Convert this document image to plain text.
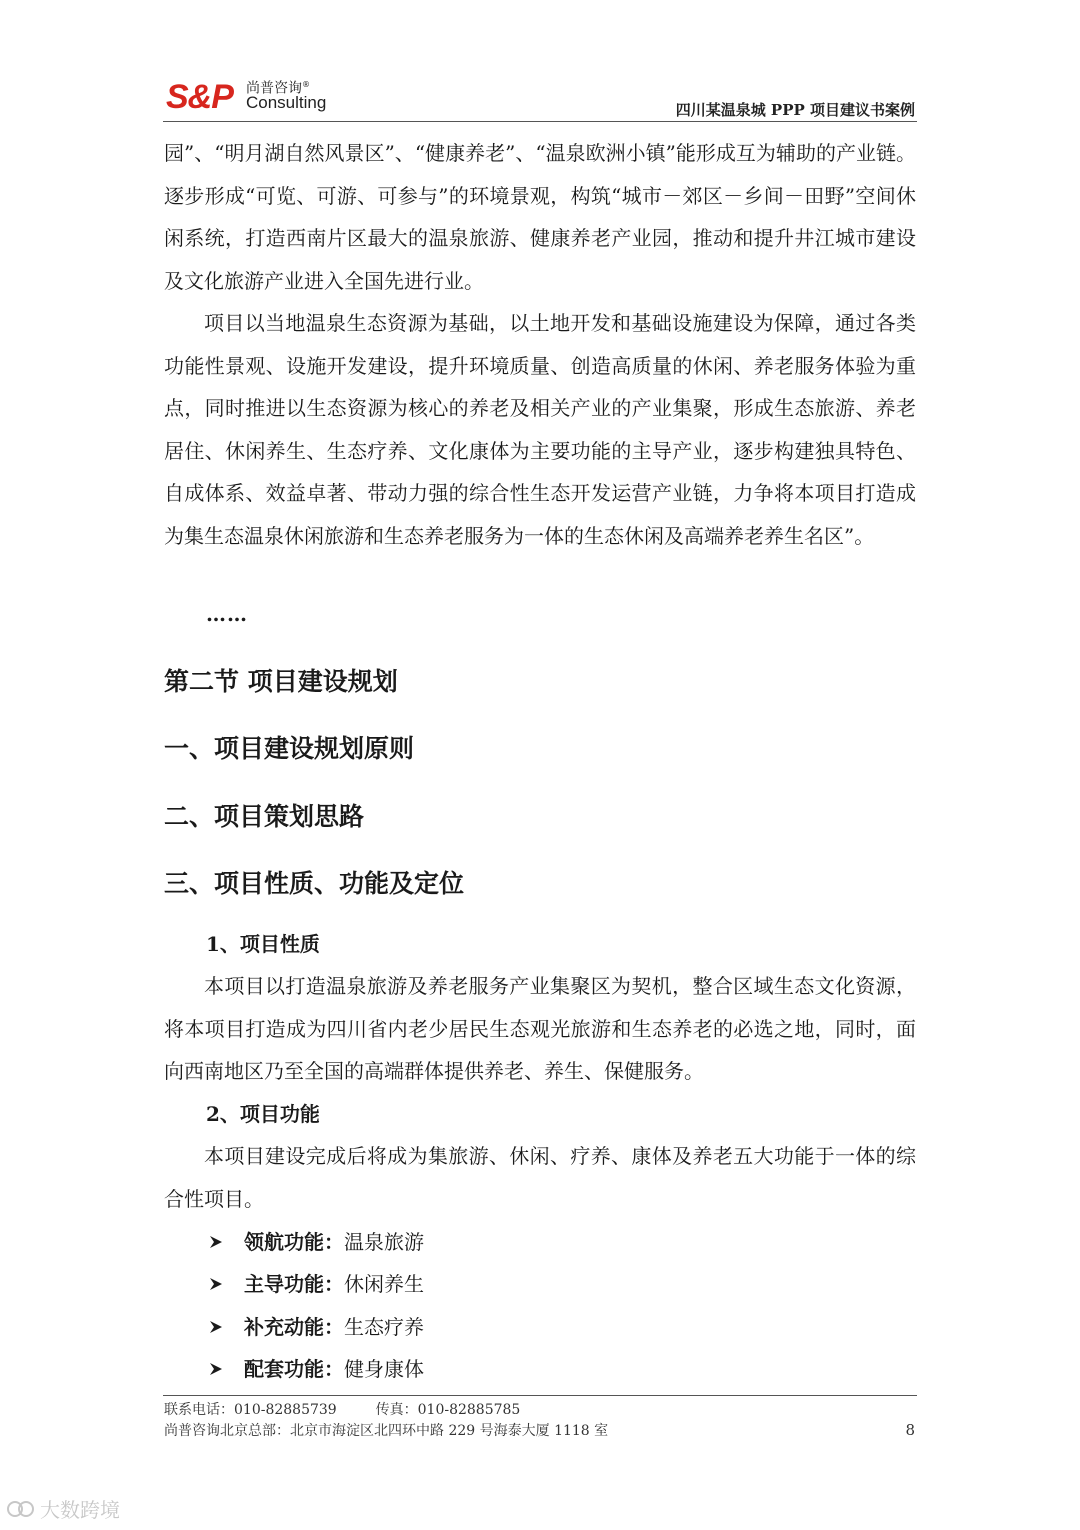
S&P 尚普咨询®
Consulting	四川某温泉城 PPP 项目建议书案例

园”、“明月湖自然风景区”、“健康养老”、“温泉欧洲小镇”能形成互为辅助的产业链。逐步形成“可览、可游、可参与”的环境景观，构筑“城市－郊区－乡间－田野”空间休闲系统，打造西南片区最大的温泉旅游、健康养老产业园，推动和提升井江城市建设及文化旅游产业进入全国先进行业。

项目以当地温泉生态资源为基础，以土地开发和基础设施建设为保障，通过各类功能性景观、设施开发建设，提升环境质量、创造高质量的休闲、养老服务体验为重点，同时推进以生态资源为核心的养老及相关产业的产业集聚，形成生态旅游、养老居住、休闲养生、生态疗养、文化康体为主要功能的主导产业，逐步构建独具特色、自成体系、效益卓著、带动力强的综合性生态开发运营产业链，力争将本项目打造成为集生态温泉休闲旅游和生态养老服务为一体的生态休闲及高端养老养生名区”。

……
第二节 项目建设规划
一、项目建设规划原则
二、项目策划思路
三、项目性质、功能及定位
1、项目性质

本项目以打造温泉旅游及养老服务产业集聚区为契机，整合区域生态文化资源，将本项目打造成为四川省内老少居民生态观光旅游和生态养老的必选之地，同时，面向西南地区乃至全国的高端群体提供养老、养生、保健服务。

2、项目功能

本项目建设完成后将成为集旅游、休闲、疗养、康体及养老五大功能于一体的综合性项目。

领航功能： 温泉旅游
主导功能： 休闲养生
补充动能： 生态疗养
配套功能： 健身康体
联系电话：010-82885739	传真：010-82885785
尚普咨询北京总部：北京市海淀区北四环中路 229 号海泰大厦 1118 室	8
大数跨境
